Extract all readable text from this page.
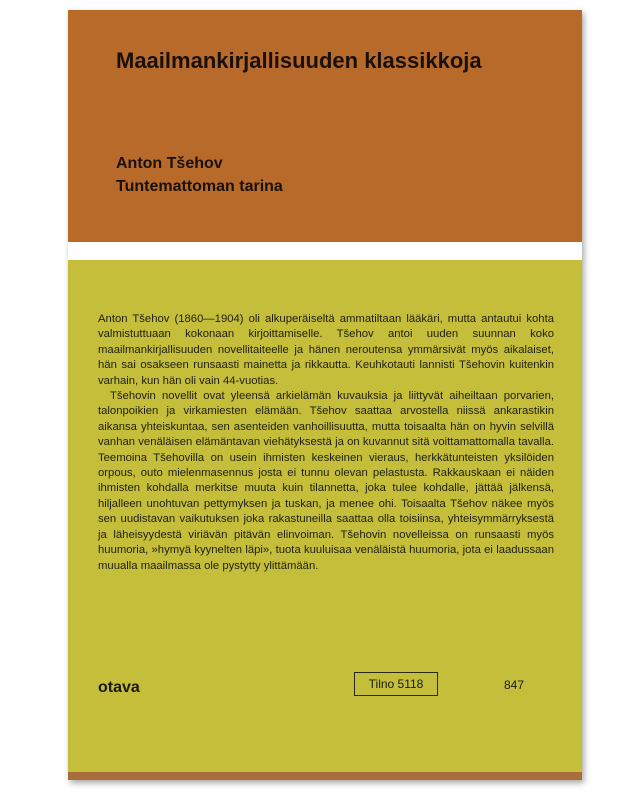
Maailmankirjallisuuden klassikkoja
Anton Tšehov
Tuntemattoman tarina

Anton Tšehov (1860—1904) oli alkuperäiseltä ammatiltaan lääkäri, mutta antautui kohta valmistuttuaan kokonaan kirjoittamiselle. Tšehov antoi uuden suunnan koko maailmankirjallisuuden novellitaiteelle ja hänen neroutensa ymmärsivät myös aikalaiset, hän sai osakseen runsaasti mainetta ja rikkautta. Keuhkotauti lannisti Tšehovin kuitenkin varhain, kun hän oli vain 44-vuotias.

Tšehovin novellit ovat yleensä arkielämän kuvauksia ja liittyvät aiheiltaan porvarien, talonpoikien ja virkamiesten elämään. Tšehov saattaa arvostella niissä ankarastikin aikansa yhteiskuntaa, sen asenteiden vanhoillisuutta, mutta toisaalta hän on hyvin selvillä vanhan venäläisen elämäntavan viehätyksestä ja on kuvannut sitä voittamattomalla tavalla. Teemoina Tšehovilla on usein ihmisten keskeinen vieraus, herkkätunteisten yksilöiden orpous, outo mielenmasennus josta ei tunnu olevan pelastusta. Rakkauskaan ei näiden ihmisten kohdalla merkitse muuta kuin tilannetta, joka tulee kohdalle, jättää jälkensä, hiljalleen unohtuvan pettymyksen ja tuskan, ja menee ohi. Toisaalta Tšehov näkee myös sen uudistavan vaikutuksen joka rakastuneilla saattaa olla toisiinsa, yhteisymmärryksestä ja läheisyydestä viriävän pitävän elinvoiman. Tšehovin novelleissa on runsaasti myös huumoria, »hymyä kyynelten läpi», tuota kuuluisaa venäläistä huumoria, jota ei laadussaan muualla maailmassa ole pystytty ylittämään.

otava	Tilno 5118	847
